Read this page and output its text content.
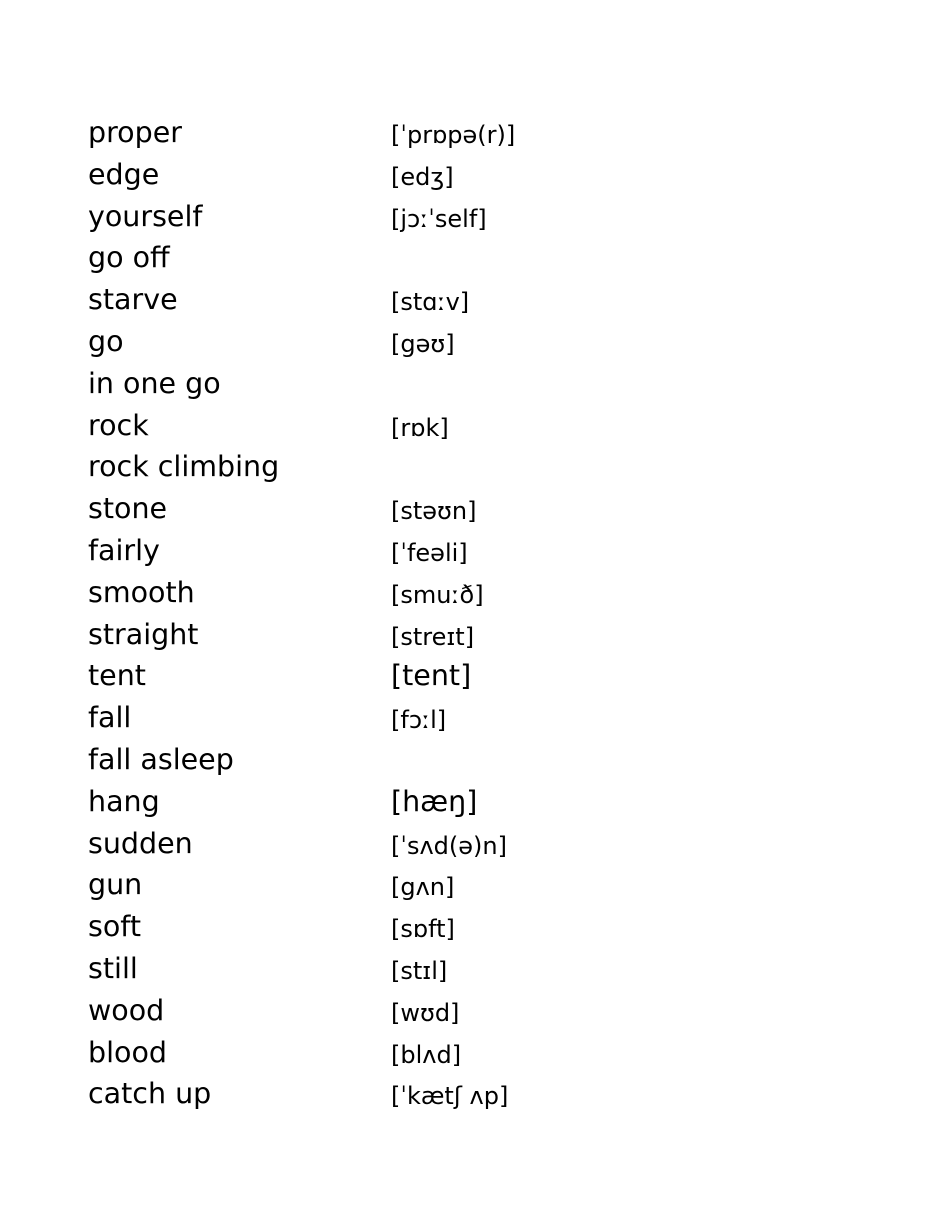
proper	[ˈprɒpə(r)]
edge	[edʒ]
yourself	[jɔːˈself]
go off
starve	[stɑːv]
go	[gəʊ]
in one go
rock	[rɒk]
rock climbing
stone	[stəʊn]
fairly	[ˈfeəli]
smooth	[smuːð]
straight	[streɪt]
tent	[tent]
fall	[fɔːl]
fall asleep
hang	[hæŋ]
sudden	[ˈsʌd(ə)n]
gun	[gʌn]
soft	[sɒft]
still	[stɪl]
wood	[wʊd]
blood	[blʌd]
catch up	[ˈkætʃ ʌp]
